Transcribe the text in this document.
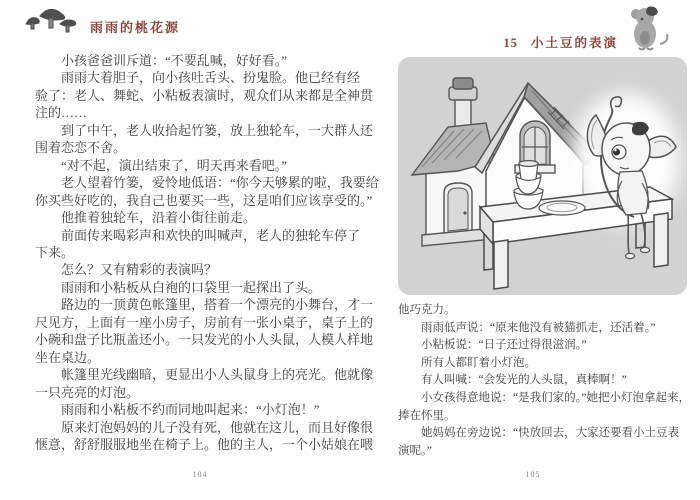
雨雨的桃花源
15 小土豆的表演
小孩爸爸训斥道：“不要乱喊，好好看。”
雨雨大着胆子，向小孩吐舌头、扮鬼脸。他已经有经
验了：老人、舞蛇、小粘板表演时，观众们从来都是全神贯
注的……
到了中午，老人收拾起竹篓，放上独轮车，一大群人还
围着恋恋不舍。
“对不起，演出结束了，明天再来看吧。”
老人望着竹篓，爱怜地低语：“你今天够累的啦，我要给
你买些好吃的，我自己也要买一些，这是咱们应该享受的。”
他推着独轮车，沿着小街往前走。
前面传来喝彩声和欢快的叫喊声，老人的独轮车停了
下来。
怎么？又有精彩的表演吗？
雨雨和小粘板从白袍的口袋里一起探出了头。
路边的一顶黄色帐篷里，搭着一个漂亮的小舞台，才一
尺见方，上面有一座小房子，房前有一张小桌子，桌子上的
小碗和盘子比瓶盖还小。一只发光的小人头鼠，人模人样地
坐在桌边。
帐篷里光线幽暗，更显出小人头鼠身上的亮光。他就像
一只亮亮的灯泡。
雨雨和小粘板不约而同地叫起来：“小灯泡！”
原来灯泡妈妈的儿子没有死，他就在这儿，而且好像很
惬意，舒舒服服地坐在椅子上。他的主人，一个小姑娘在喂
他巧克力。
雨雨低声说：“原来他没有被猫抓走，还活着。”
小粘板说：“日子还过得很滋润。”
所有人都盯着小灯泡。
有人叫喊：“会发光的人头鼠，真棒啊！”
小女孩得意地说：“是我们家的。”她把小灯泡拿起来，
捧在怀里。
她妈妈在旁边说：“快放回去，大家还要看小土豆表
演呢。”
104	105
